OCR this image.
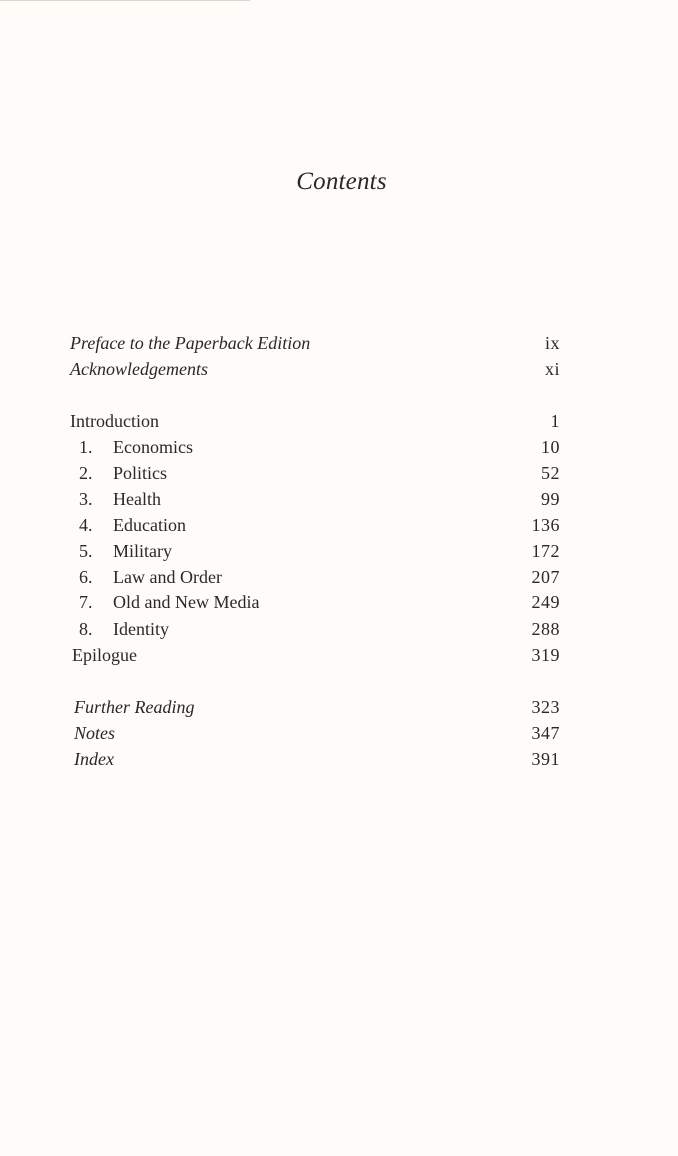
Contents
Preface to the Paperback Edition	ix
Acknowledgements	xi
Introduction	1
1. Economics	10
2. Politics	52
3. Health	99
4. Education	136
5. Military	172
6. Law and Order	207
7. Old and New Media	249
8. Identity	288
Epilogue	319
Further Reading	323
Notes	347
Index	391
